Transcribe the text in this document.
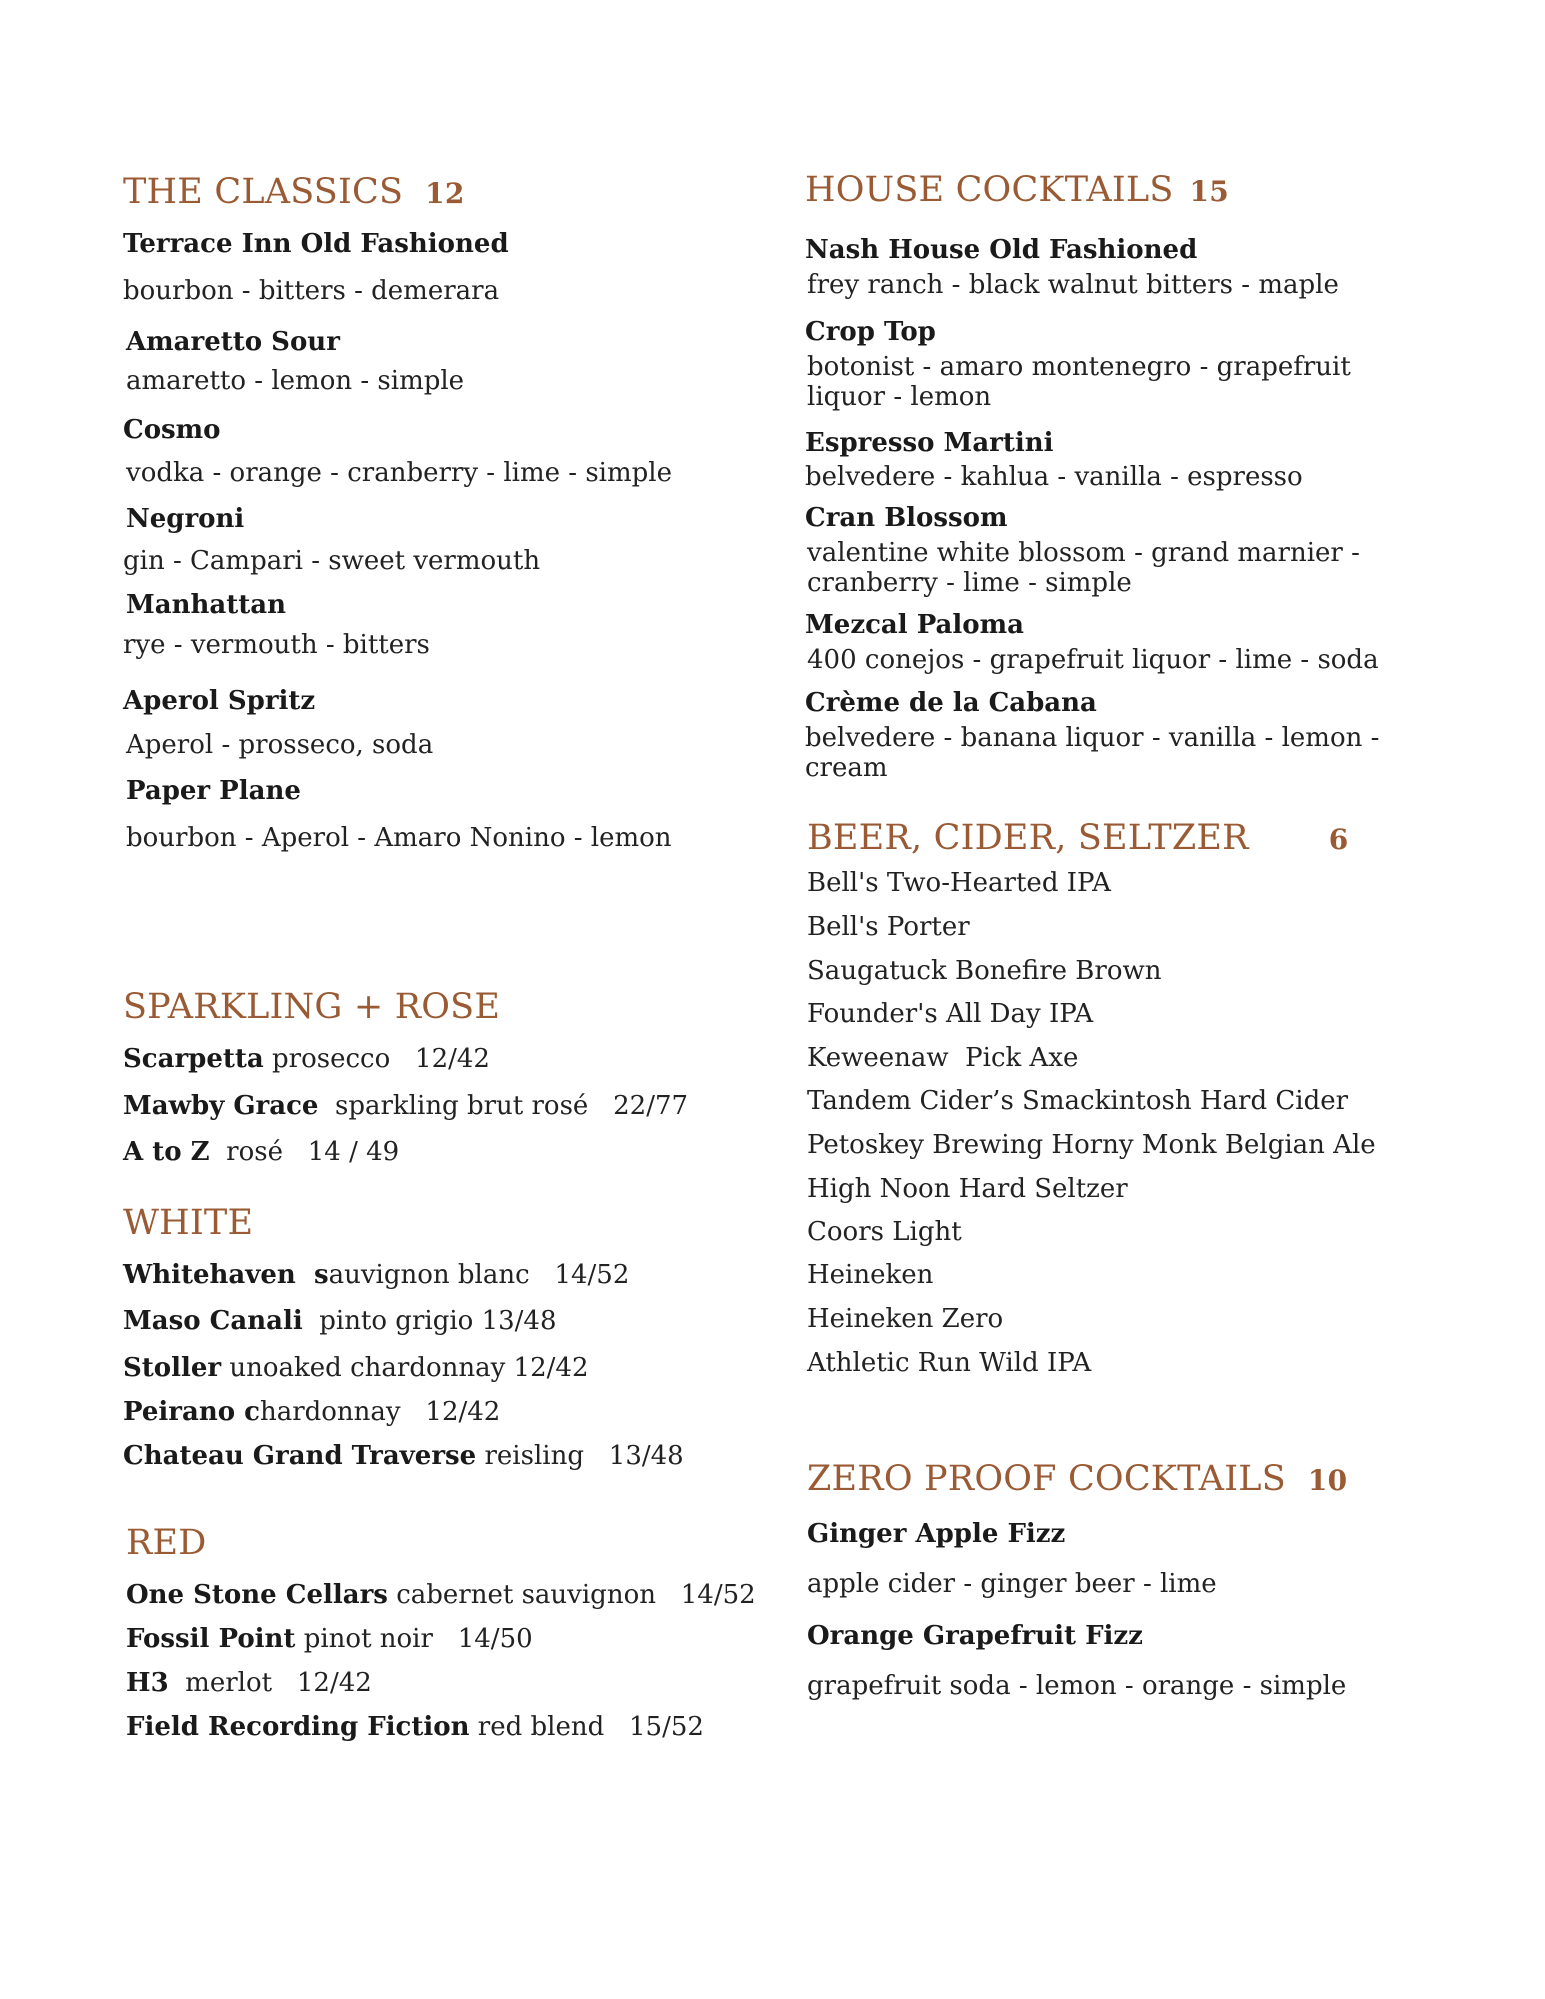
THE CLASSICS 12
Terrace Inn Old Fashioned
bourbon - bitters - demerara
Amaretto Sour
amaretto - lemon - simple
Cosmo
vodka - orange - cranberry - lime - simple
Negroni
gin - Campari - sweet vermouth
Manhattan
rye - vermouth - bitters
Aperol Spritz
Aperol - prosseco, soda
Paper Plane
bourbon - Aperol - Amaro Nonino - lemon
SPARKLING + ROSE
Scarpetta prosecco   12/42
Mawby Grace  sparkling brut rosé   22/77
A to Z  rosé   14 / 49
WHITE
Whitehaven  sauvignon blanc   14/52
Maso Canali  pinto grigio 13/48
Stoller unoaked chardonnay 12/42
Peirano chardonnay   12/42
Chateau Grand Traverse reisling   13/48
RED
One Stone Cellars cabernet sauvignon   14/52
Fossil Point pinot noir   14/50
H3  merlot   12/42
Field Recording Fiction red blend   15/52
HOUSE COCKTAILS 15
Nash House Old Fashioned
frey ranch - black walnut bitters - maple
Crop Top
botonist - amaro montenegro - grapefruit liquor - lemon
Espresso Martini
belvedere - kahlua - vanilla - espresso
Cran Blossom
valentine white blossom - grand marnier - cranberry - lime - simple
Mezcal Paloma
400 conejos - grapefruit liquor - lime - soda
Crème de la Cabana
belvedere - banana liquor - vanilla - lemon - cream
BEER, CIDER, SELTZER	6
Bell's Two-Hearted IPA
Bell's Porter
Saugatuck Bonefire Brown
Founder's All Day IPA
Keweenaw  Pick Axe
Tandem Cider’s Smackintosh Hard Cider
Petoskey Brewing Horny Monk Belgian Ale
High Noon Hard Seltzer
Coors Light
Heineken
Heineken Zero
Athletic Run Wild IPA
ZERO PROOF COCKTAILS 10
Ginger Apple Fizz
apple cider - ginger beer - lime
Orange Grapefruit Fizz
grapefruit soda - lemon - orange - simple
